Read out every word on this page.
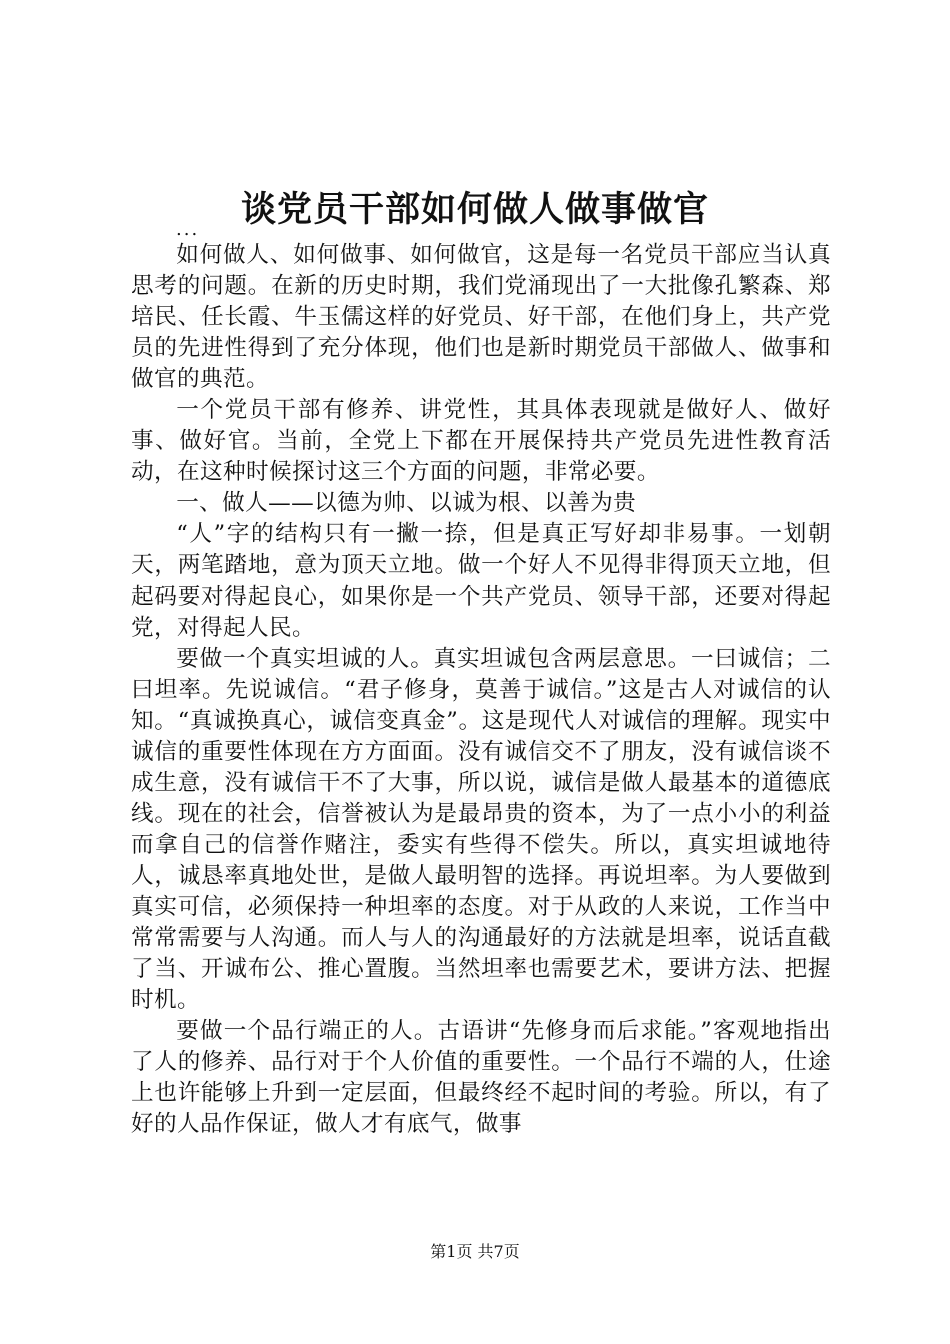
谈党员干部如何做人做事做官
...

如何做人、如何做事、如何做官，这是每一名党员干部应当认真思考的问题。在新的历史时期，我们党涌现出了一大批像孔繁森、郑培民、任长霞、牛玉儒这样的好党员、好干部，在他们身上，共产党员的先进性得到了充分体现，他们也是新时期党员干部做人、做事和做官的典范。

一个党员干部有修养、讲党性，其具体表现就是做好人、做好事、做好官。当前，全党上下都在开展保持共产党员先进性教育活动，在这种时候探讨这三个方面的问题，非常必要。

一、做人——以德为帅、以诚为根、以善为贵

“人”字的结构只有一撇一捺，但是真正写好却非易事。一划朝天，两笔踏地，意为顶天立地。做一个好人不见得非得顶天立地，但起码要对得起良心，如果你是一个共产党员、领导干部，还要对得起党，对得起人民。

要做一个真实坦诚的人。真实坦诚包含两层意思。一曰诚信；二曰坦率。先说诚信。“君子修身，莫善于诚信。”这是古人对诚信的认知。“真诚换真心，诚信变真金”。这是现代人对诚信的理解。现实中诚信的重要性体现在方方面面。没有诚信交不了朋友，没有诚信谈不成生意，没有诚信干不了大事，所以说，诚信是做人最基本的道德底线。现在的社会，信誉被认为是最昂贵的资本，为了一点小小的利益而拿自己的信誉作赌注，委实有些得不偿失。所以，真实坦诚地待人，诚恳率真地处世，是做人最明智的选择。再说坦率。为人要做到真实可信，必须保持一种坦率的态度。对于从政的人来说，工作当中常常需要与人沟通。而人与人的沟通最好的方法就是坦率，说话直截了当、开诚布公、推心置腹。当然坦率也需要艺术，要讲方法、把握时机。

要做一个品行端正的人。古语讲“先修身而后求能。”客观地指出了人的修养、品行对于个人价值的重要性。一个品行不端的人，仕途上也许能够上升到一定层面，但最终经不起时间的考验。所以，有了好的人品作保证，做人才有底气，做事

第1页 共7页
